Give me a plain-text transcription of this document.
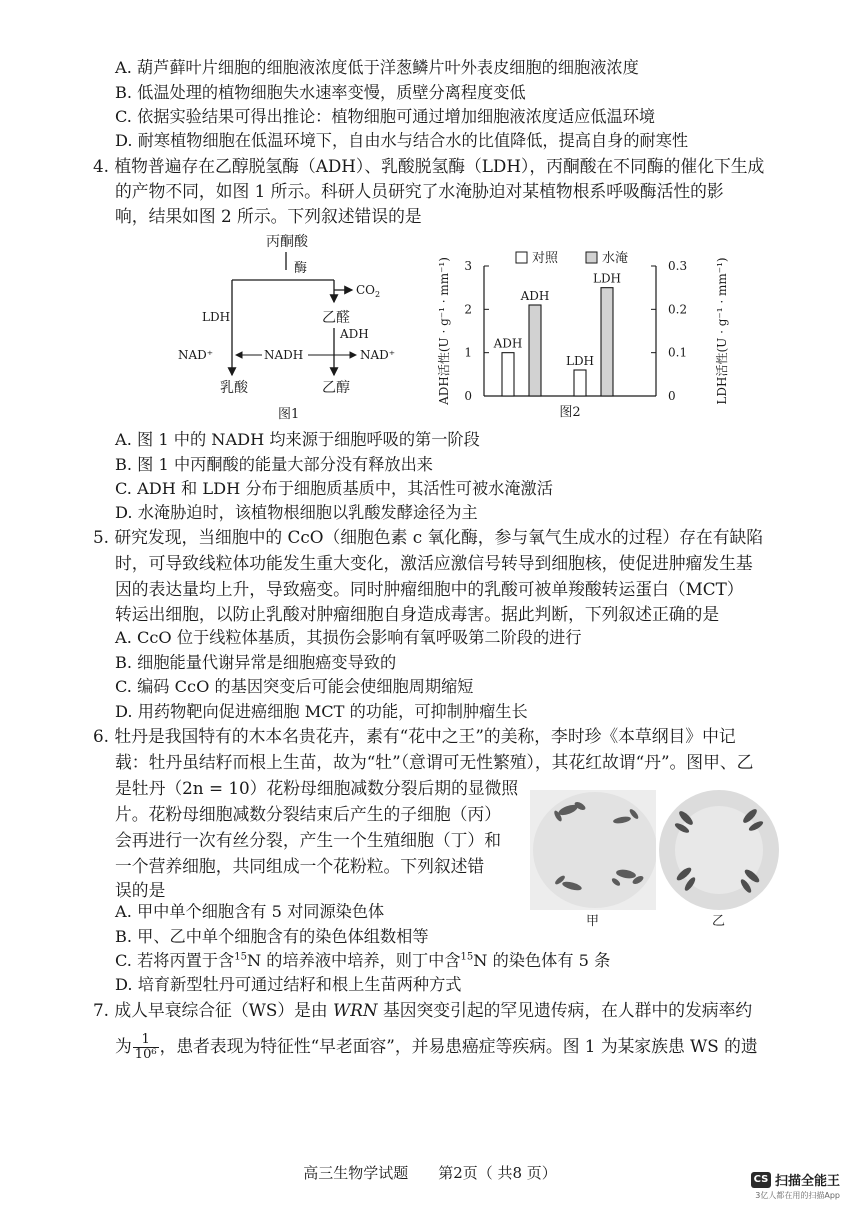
A. 葫芦藓叶片细胞的细胞液浓度低于洋葱鳞片叶外表皮细胞的细胞液浓度
B. 低温处理的植物细胞失水速率变慢，质壁分离程度变低
C. 依据实验结果可得出推论：植物细胞可通过增加细胞液浓度适应低温环境
D. 耐寒植物细胞在低温环境下，自由水与结合水的比值降低，提高自身的耐寒性
4. 植物普遍存在乙醇脱氢酶（ADH）、乳酸脱氢酶（LDH），丙酮酸在不同酶的催化下生成
的产物不同，如图 1 所示。科研人员研究了水淹胁迫对某植物根系呼吸酶活性的影
响，结果如图 2 所示。下列叙述错误的是
丙酮酸
酶
$CO_2$
乙醛
LDH
ADH
NADH
NAD⁺	NAD⁺
乳酸	乙醇
图1
0
1
2
3
0
0.1
0.2
0.3
ADH活性(U · g⁻¹ · mm⁻¹)	LDH活性(U · g⁻¹ · mm⁻¹)
对照	水淹
ADH
ADH
LDH
LDH
图2
A. 图 1 中的 NADH 均来源于细胞呼吸的第一阶段
B. 图 1 中丙酮酸的能量大部分没有释放出来
C. ADH 和 LDH 分布于细胞质基质中，其活性可被水淹激活
D. 水淹胁迫时，该植物根细胞以乳酸发酵途径为主
5. 研究发现，当细胞中的 CcO（细胞色素 c 氧化酶，参与氧气生成水的过程）存在有缺陷
时，可导致线粒体功能发生重大变化，激活应激信号转导到细胞核，使促进肿瘤发生基
因的表达量均上升，导致癌变。同时肿瘤细胞中的乳酸可被单羧酸转运蛋白（MCT）
转运出细胞，以防止乳酸对肿瘤细胞自身造成毒害。据此判断，下列叙述正确的是
A. CcO 位于线粒体基质，其损伤会影响有氧呼吸第二阶段的进行
B. 细胞能量代谢异常是细胞癌变导致的
C. 编码 CcO 的基因突变后可能会使细胞周期缩短
D. 用药物靶向促进癌细胞 MCT 的功能，可抑制肿瘤生长
6. 牡丹是我国特有的木本名贵花卉，素有“花中之王”的美称，李时珍《本草纲目》中记
载：牡丹虽结籽而根上生苗，故为“牡”（意谓可无性繁殖），其花红故谓“丹”。图甲、乙
是牡丹（2n = 10）花粉母细胞减数分裂后期的显微照
片。花粉母细胞减数分裂结束后产生的子细胞（丙）
会再进行一次有丝分裂，产生一个生殖细胞（丁）和
一个营养细胞，共同组成一个花粉粒。下列叙述错
误的是
甲	乙
A. 甲中单个细胞含有 5 对同源染色体
B. 甲、乙中单个细胞含有的染色体组数相等
C. 若将丙置于含$^{15}$N 的培养液中培养，则丁中含$^{15}$N 的染色体有 5 条
D. 培育新型牡丹可通过结籽和根上生苗两种方式
7. 成人早衰综合征（WS）是由 WRN 基因突变引起的罕见遗传病，在人群中的发病率约
为 $\frac{1}{\text{10⁶}}$ ，患者表现为特征性“早老面容”，并易患癌症等疾病。图 1 为某家族患 WS 的遗
高三生物学试题　　第2页（ 共8 页）	CS 扫描全能王
3亿人都在用的扫描App
